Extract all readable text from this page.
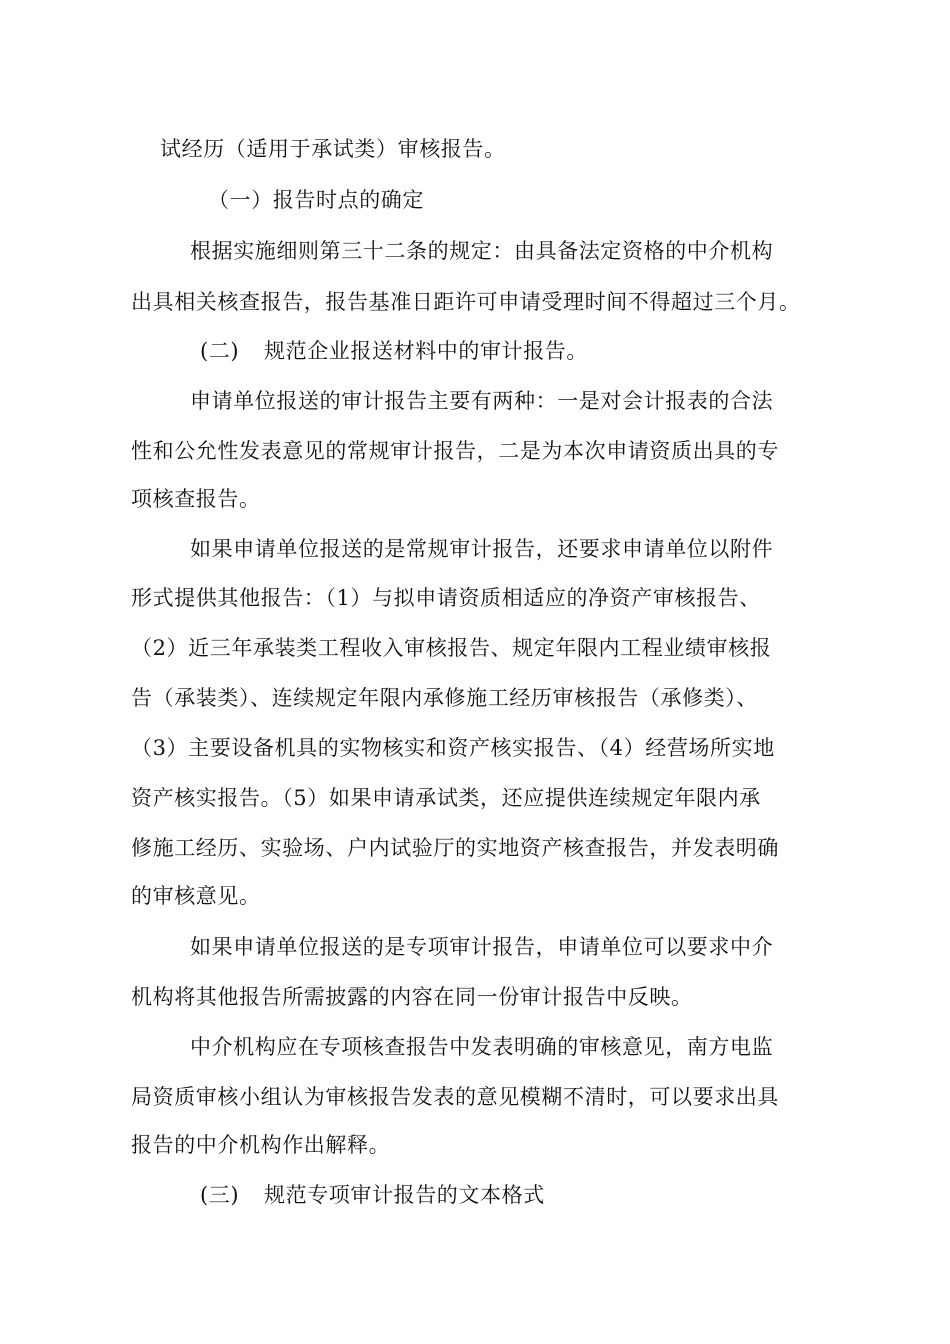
试经历（适用于承试类）审核报告。
（一）报告时点的确定
根据实施细则第三十二条的规定：由具备法定资格的中介机构
出具相关核查报告，报告基准日距许可申请受理时间不得超过三个月。
(二) 规范企业报送材料中的审计报告。
申请单位报送的审计报告主要有两种：一是对会计报表的合法
性和公允性发表意见的常规审计报告，二是为本次申请资质出具的专
项核查报告。
如果申请单位报送的是常规审计报告，还要求申请单位以附件
形式提供其他报告：（1）与拟申请资质相适应的净资产审核报告、
（2）近三年承装类工程收入审核报告、规定年限内工程业绩审核报
告（承装类）、连续规定年限内承修施工经历审核报告（承修类）、
（3）主要设备机具的实物核实和资产核实报告、（4）经营场所实地
资产核实报告。（5）如果申请承试类，还应提供连续规定年限内承
修施工经历、实验场、户内试验厅的实地资产核查报告，并发表明确
的审核意见。
如果申请单位报送的是专项审计报告，申请单位可以要求中介
机构将其他报告所需披露的内容在同一份审计报告中反映。
中介机构应在专项核查报告中发表明确的审核意见，南方电监
局资质审核小组认为审核报告发表的意见模糊不清时，可以要求出具
报告的中介机构作出解释。
(三) 规范专项审计报告的文本格式
